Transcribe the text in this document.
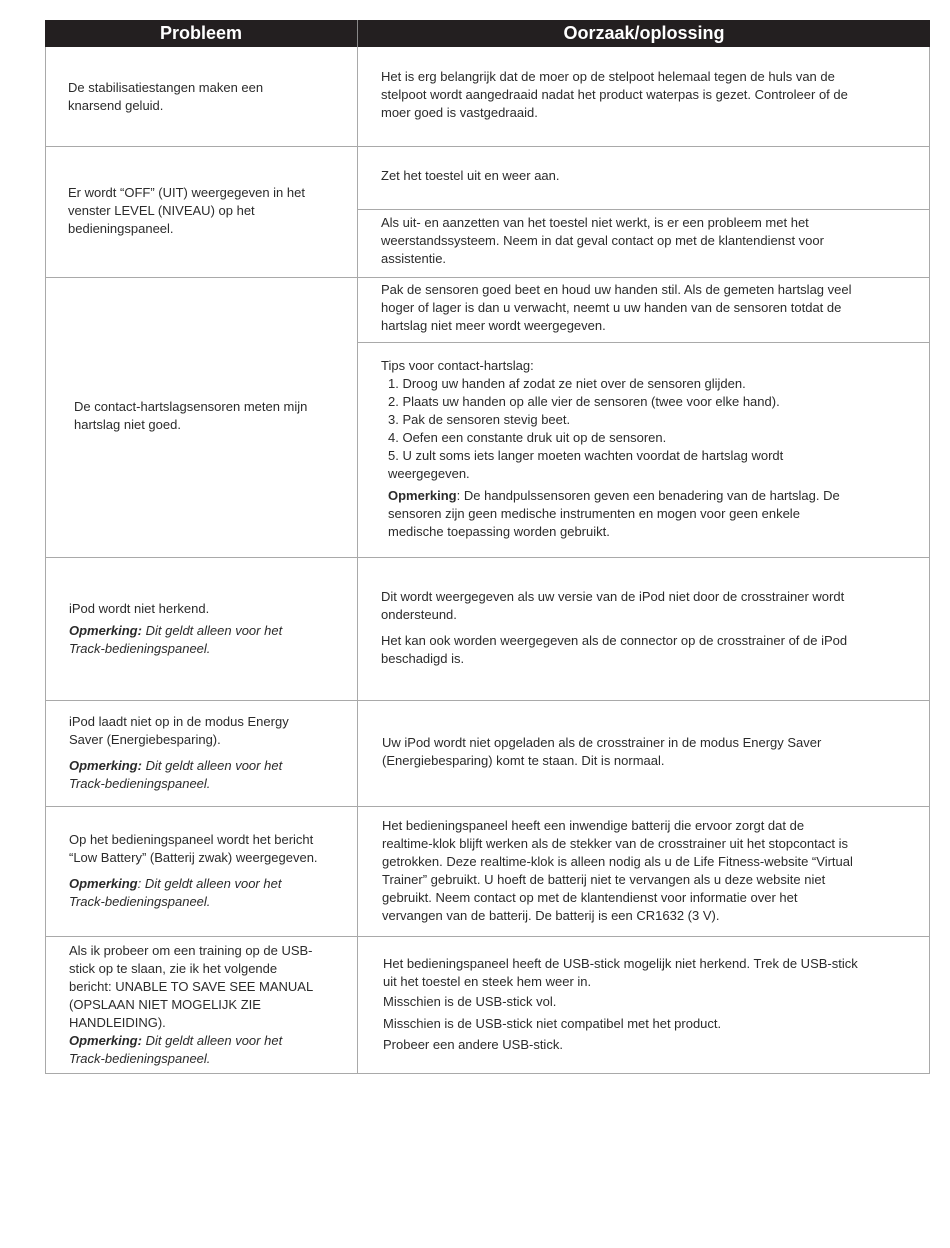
Probleem	Oorzaak/oplossing
De stabilisatiestangen maken een
knarsend geluid.
Het is erg belangrijk dat de moer op de stelpoot helemaal tegen de huls van de
stelpoot wordt aangedraaid nadat het product waterpas is gezet. Controleer of de
moer goed is vastgedraaid.
Er wordt “OFF” (UIT) weergegeven in het
venster LEVEL (NIVEAU) op het
bedieningspaneel.
Zet het toestel uit en weer aan.
Als uit- en aanzetten van het toestel niet werkt, is er een probleem met het
weerstandssysteem. Neem in dat geval contact op met de klantendienst voor
assistentie.
De contact-hartslagsensoren meten mijn
hartslag niet goed.
Pak de sensoren goed beet en houd uw handen stil. Als de gemeten hartslag veel
hoger of lager is dan u verwacht, neemt u uw handen van de sensoren totdat de
hartslag niet meer wordt weergegeven.
Tips voor contact-hartslag:
1. Droog uw handen af zodat ze niet over de sensoren glijden.
2. Plaats uw handen op alle vier de sensoren (twee voor elke hand).
3. Pak de sensoren stevig beet.
4. Oefen een constante druk uit op de sensoren.
5. U zult soms iets langer moeten wachten voordat de hartslag wordt
weergegeven.
Opmerking: De handpulssensoren geven een benadering van de hartslag. De
sensoren zijn geen medische instrumenten en mogen voor geen enkele
medische toepassing worden gebruikt.
iPod wordt niet herkend.
Opmerking: Dit geldt alleen voor het
Track-bedieningspaneel.
Dit wordt weergegeven als uw versie van de iPod niet door de crosstrainer wordt
ondersteund.
Het kan ook worden weergegeven als de connector op de crosstrainer of de iPod
beschadigd is.
iPod laadt niet op in de modus Energy
Saver (Energiebesparing).
Opmerking: Dit geldt alleen voor het
Track-bedieningspaneel.
Uw iPod wordt niet opgeladen als de crosstrainer in de modus Energy Saver
(Energiebesparing) komt te staan. Dit is normaal.
Op het bedieningspaneel wordt het bericht
“Low Battery” (Batterij zwak) weergegeven.
Opmerking: Dit geldt alleen voor het
Track-bedieningspaneel.
Het bedieningspaneel heeft een inwendige batterij die ervoor zorgt dat de
realtime-klok blijft werken als de stekker van de crosstrainer uit het stopcontact is
getrokken. Deze realtime-klok is alleen nodig als u de Life Fitness-website “Virtual
Trainer” gebruikt. U hoeft de batterij niet te vervangen als u deze website niet
gebruikt. Neem contact op met de klantendienst voor informatie over het
vervangen van de batterij. De batterij is een CR1632 (3 V).
Als ik probeer om een training op de USB-
stick op te slaan, zie ik het volgende
bericht: UNABLE TO SAVE SEE MANUAL
(OPSLAAN NIET MOGELIJK ZIE
HANDLEIDING).
Opmerking: Dit geldt alleen voor het
Track-bedieningspaneel.
Het bedieningspaneel heeft de USB-stick mogelijk niet herkend. Trek de USB-stick
uit het toestel en steek hem weer in.
Misschien is de USB-stick vol.
Misschien is de USB-stick niet compatibel met het product.
Probeer een andere USB-stick.
